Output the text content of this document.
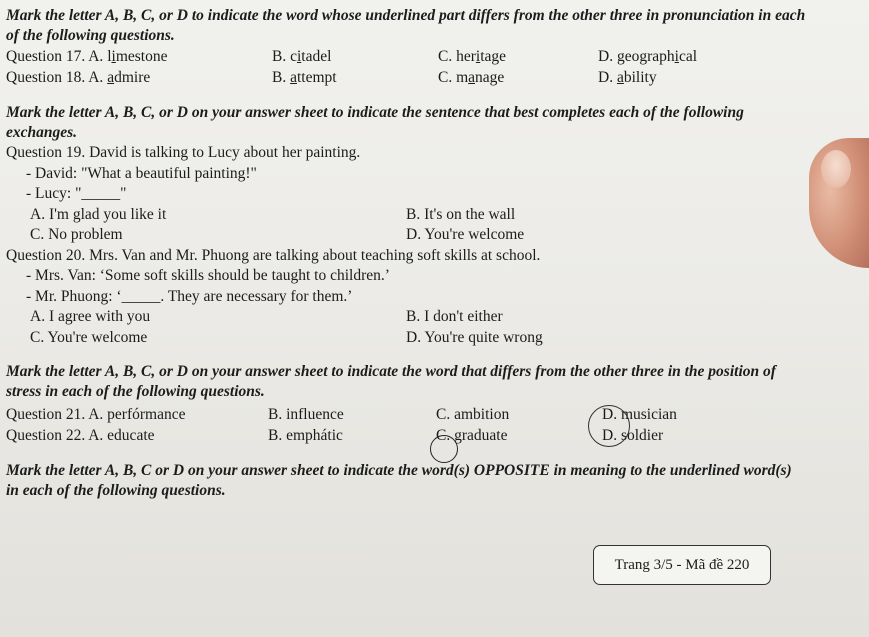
Mark the letter A, B, C, or D to indicate the word whose underlined part differs from the other three in pronunciation in each of the following questions.

Question 17. A. limestone	B. citadel	C. heritage	D. geographical
Question 18. A. admire	B. attempt	C. manage	D. ability

Mark the letter A, B, C, or D on your answer sheet to indicate the sentence that best completes each of the following exchanges.

Question 19. David is talking to Lucy about her painting.
- David: "What a beautiful painting!"
- Lucy: "_____"
A. I'm glad you like it	B. It's on the wall
C. No problem	D. You're welcome
Question 20. Mrs. Van and Mr. Phuong are talking about teaching soft skills at school.
- Mrs. Van: ‘Some soft skills should be taught to children.’
- Mr. Phuong: ‘_____. They are necessary for them.’
A. I agree with you	B. I don't either
C. You're welcome	D. You're quite wrong

Mark the letter A, B, C, or D on your answer sheet to indicate the word that differs from the other three in the position of stress in each of the following questions.

Question 21. A. perfórmance	B. influence	C. ambition	D. musician
Question 22. A. educate	B. emphátic	C. graduate	D. soldier

Mark the letter A, B, C or D on your answer sheet to indicate the word(s) OPPOSITE in meaning to the underlined word(s) in each of the following questions.

Trang 3/5 - Mã đề 220
